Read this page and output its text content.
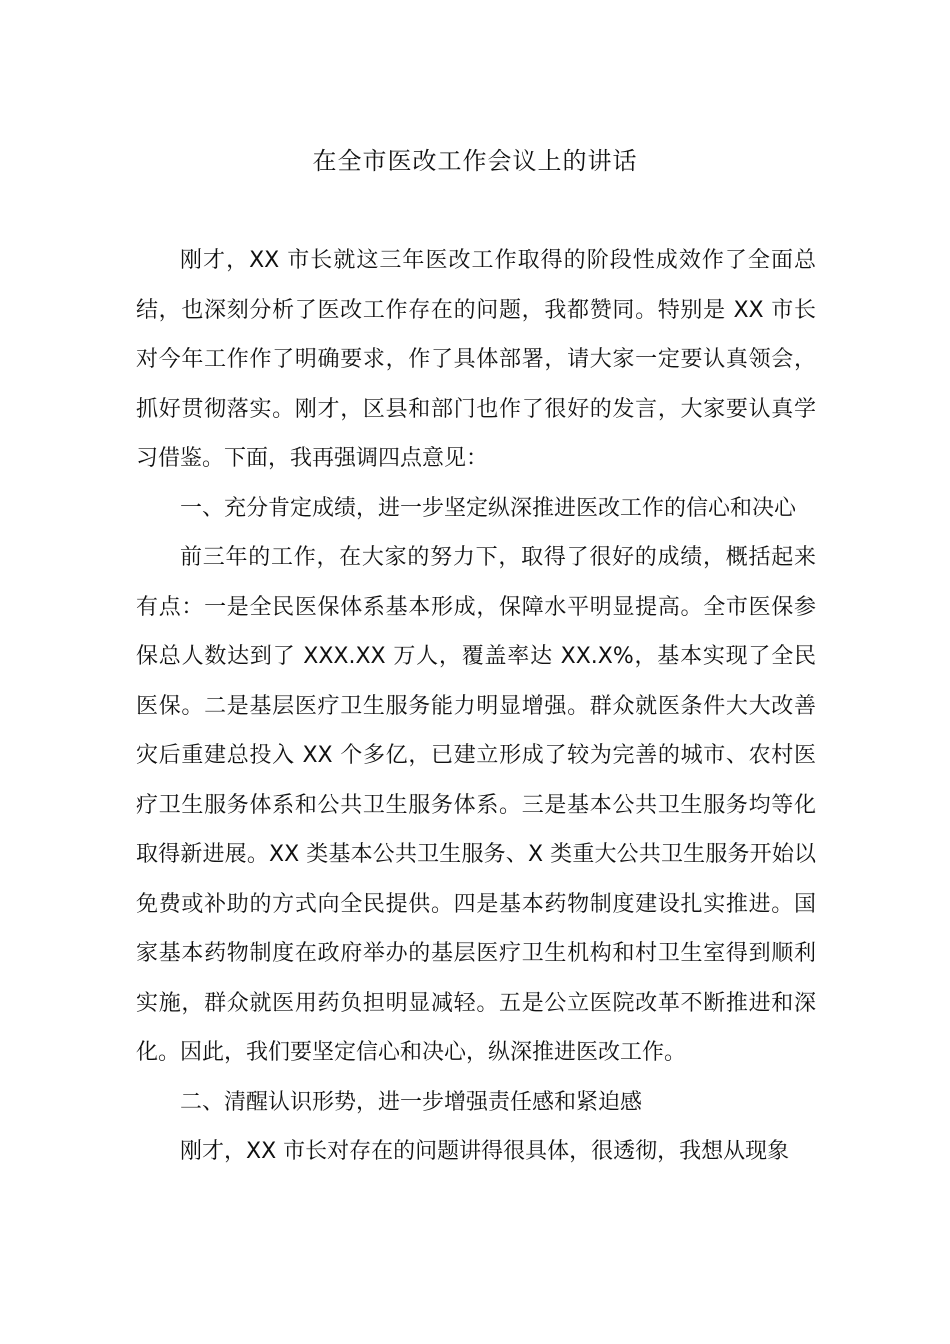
在全市医改工作会议上的讲话

刚才，XX 市长就这三年医改工作取得的阶段性成效作了全面总结，也深刻分析了医改工作存在的问题，我都赞同。特别是 XX 市长对今年工作作了明确要求，作了具体部署，请大家一定要认真领会，抓好贯彻落实。刚才，区县和部门也作了很好的发言，大家要认真学习借鉴。下面，我再强调四点意见：

一、充分肯定成绩，进一步坚定纵深推进医改工作的信心和决心

前三年的工作，在大家的努力下，取得了很好的成绩，概括起来有点：一是全民医保体系基本形成，保障水平明显提高。全市医保参保总人数达到了 XXX.XX 万人，覆盖率达 XX.X%，基本实现了全民医保。二是基层医疗卫生服务能力明显增强。群众就医条件大大改善灾后重建总投入 XX 个多亿，已建立形成了较为完善的城市、农村医疗卫生服务体系和公共卫生服务体系。三是基本公共卫生服务均等化取得新进展。XX 类基本公共卫生服务、X 类重大公共卫生服务开始以免费或补助的方式向全民提供。四是基本药物制度建设扎实推进。国家基本药物制度在政府举办的基层医疗卫生机构和村卫生室得到顺利实施，群众就医用药负担明显减轻。五是公立医院改革不断推进和深化。因此，我们要坚定信心和决心，纵深推进医改工作。

二、清醒认识形势，进一步增强责任感和紧迫感

刚才，XX 市长对存在的问题讲得很具体，很透彻，我想从现象
